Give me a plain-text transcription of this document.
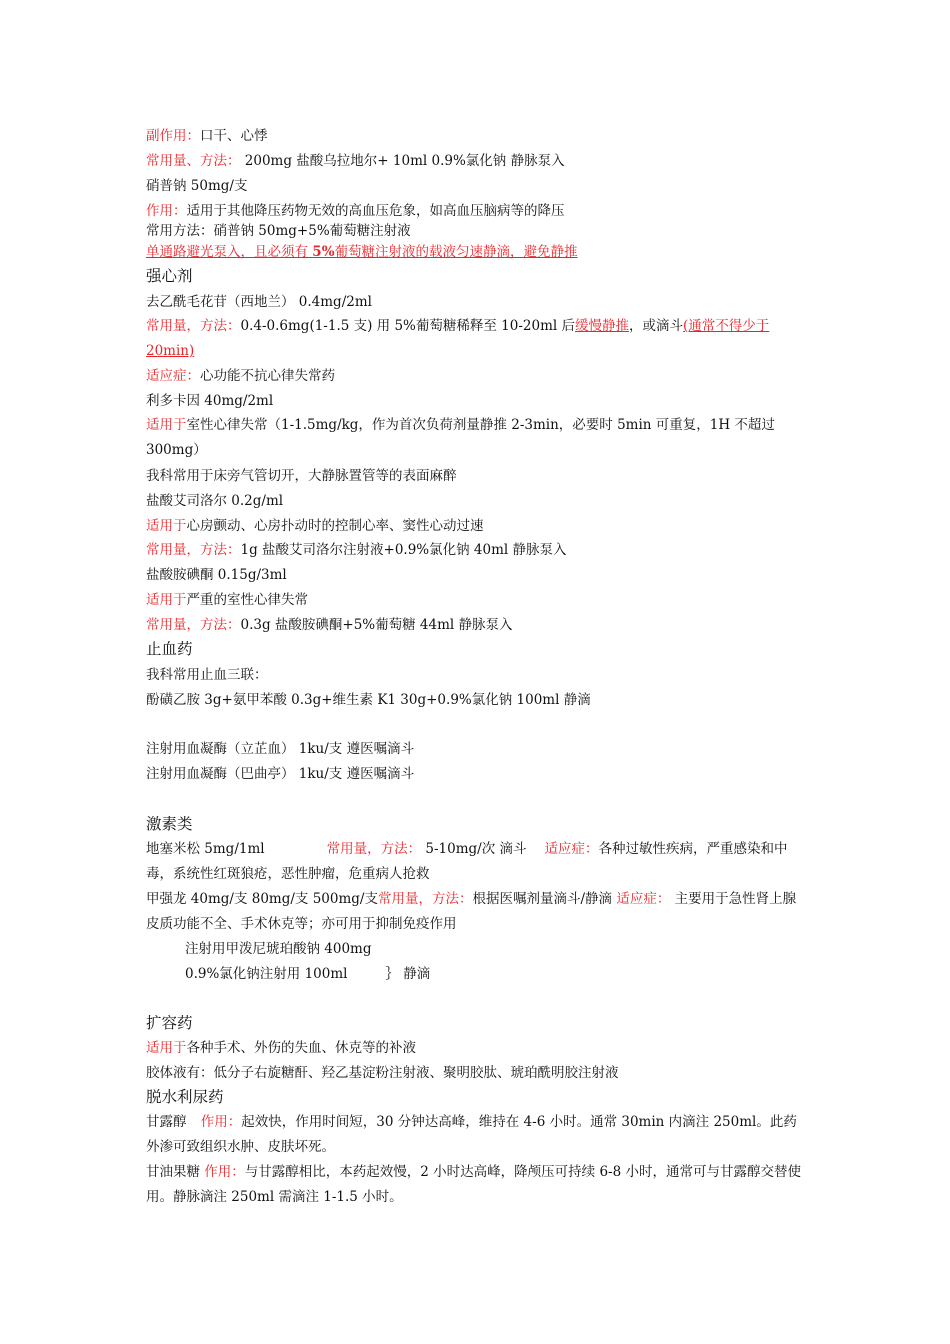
副作用：口干、心悸
常用量、方法： 200mg 盐酸乌拉地尔+ 10ml 0.9%氯化钠 静脉泵入
硝普钠 50mg/支
作用：适用于其他降压药物无效的高血压危象，如高血压脑病等的降压
常用方法：硝普钠 50mg+5%葡萄糖注射液
单通路避光泵入，且必须有 5%葡萄糖注射液的载液匀速静滴，避免静推
强心剂
去乙酰毛花苷（西地兰） 0.4mg/2ml
常用量，方法：0.4-0.6mg(1-1.5 支) 用 5%葡萄糖稀释至 10-20ml 后缓慢静推，或滴斗(通常不得少于 20min)
适应症：心功能不抗心律失常药
利多卡因 40mg/2ml
适用于室性心律失常（1-1.5mg/kg，作为首次负荷剂量静推 2-3min，必要时 5min 可重复，1H 不超过 300mg）
我科常用于床旁气管切开，大静脉置管等的表面麻醉
盐酸艾司洛尔 0.2g/ml
适用于心房颤动、心房扑动时的控制心率、窦性心动过速
常用量，方法：1g 盐酸艾司洛尔注射液+0.9%氯化钠 40ml 静脉泵入
盐酸胺碘酮 0.15g/3ml
适用于严重的室性心律失常
常用量，方法：0.3g 盐酸胺碘酮+5%葡萄糖 44ml 静脉泵入
止血药
我科常用止血三联：
酚磺乙胺 3g+氨甲苯酸 0.3g+维生素 K1 30g+0.9%氯化钠 100ml 静滴
注射用血凝酶（立芷血） 1ku/支 遵医嘱滴斗
注射用血凝酶（巴曲亭） 1ku/支 遵医嘱滴斗
激素类
地塞米松 5mg/1ml	常用量，方法： 5-10mg/次 滴斗 适应症：各种过敏性疾病，严重感染和中毒，系统性红斑狼疮，恶性肿瘤，危重病人抢救
甲强龙 40mg/支 80mg/支 500mg/支常用量，方法：根据医嘱剂量滴斗/静滴 适应症： 主要用于急性肾上腺皮质功能不全、手术休克等；亦可用于抑制免疫作用
注射用甲泼尼琥珀酸钠 400mg
0.9%氯化钠注射用 100ml	｝ 静滴
扩容药
适用于各种手术、外伤的失血、休克等的补液
胶体液有：低分子右旋糖酐、羟乙基淀粉注射液、聚明胶肽、琥珀酰明胶注射液
脱水利尿药
甘露醇 作用：起效快，作用时间短，30 分钟达高峰，维持在 4-6 小时。通常 30min 内滴注 250ml。此药外渗可致组织水肿、皮肤坏死。
甘油果糖 作用：与甘露醇相比，本药起效慢，2 小时达高峰，降颅压可持续 6-8 小时，通常可与甘露醇交替使用。静脉滴注 250ml 需滴注 1-1.5 小时。
